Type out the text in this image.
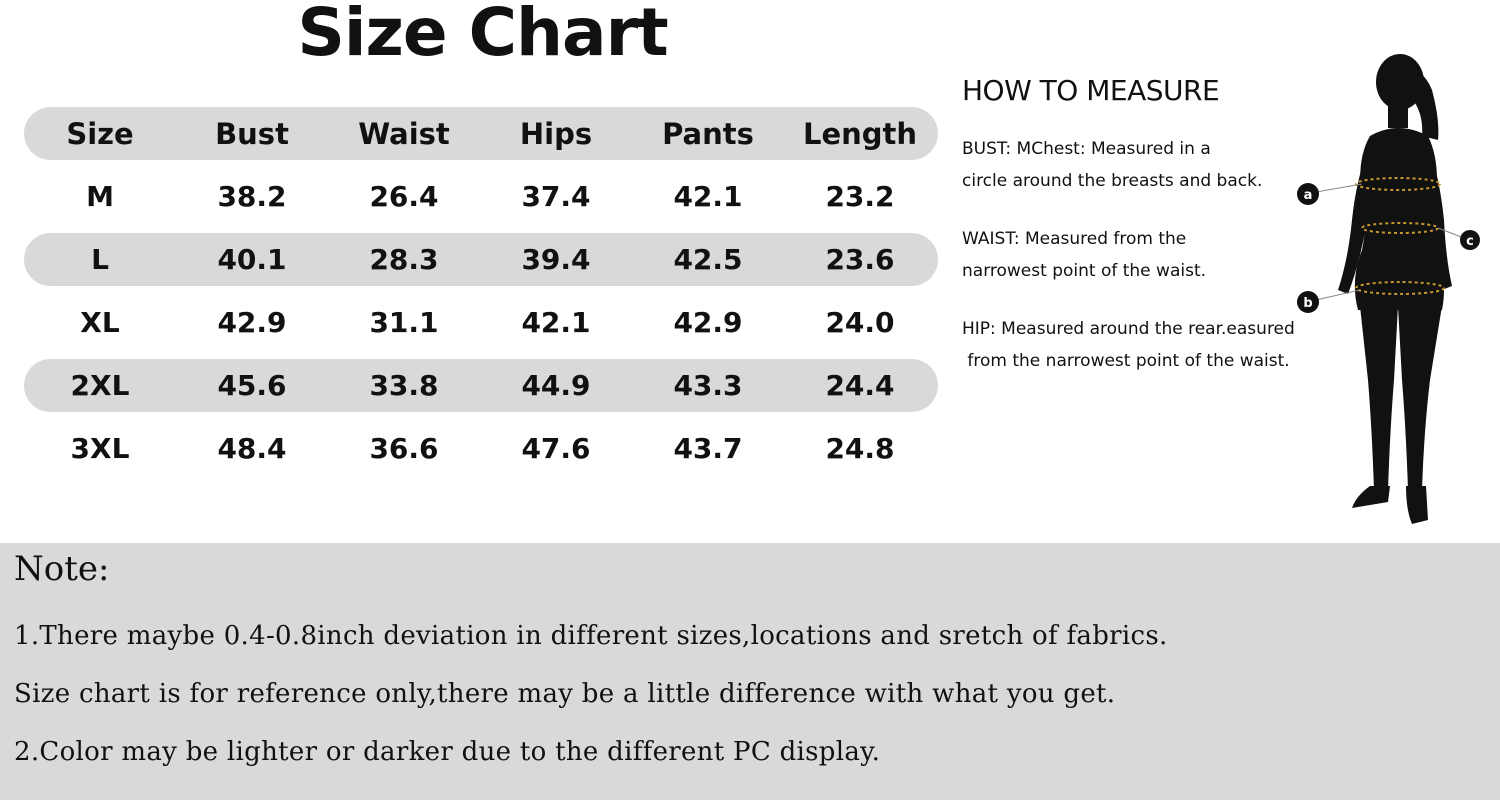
Size Chart
Size	Bust	Waist	Hips	Pants	Length
M	38.2	26.4	37.4	42.1	23.2
L	40.1	28.3	39.4	42.5	23.6
XL	42.9	31.1	42.1	42.9	24.0
2XL	45.6	33.8	44.9	43.3	24.4
3XL	48.4	36.6	47.6	43.7	24.8
HOW TO MEASURE
BUST: MChest: Measured in a
circle around the breasts and back.
WAIST: Measured from the
narrowest point of the waist.
HIP: Measured around the rear.easured
from the narrowest point of the waist.
a
c
b
Note:
1.There maybe 0.4-0.8inch deviation in different sizes,locations and sretch of fabrics.
Size chart is for reference only,there may be a little difference with what you get.
2.Color may be lighter or darker due to the different PC display.
